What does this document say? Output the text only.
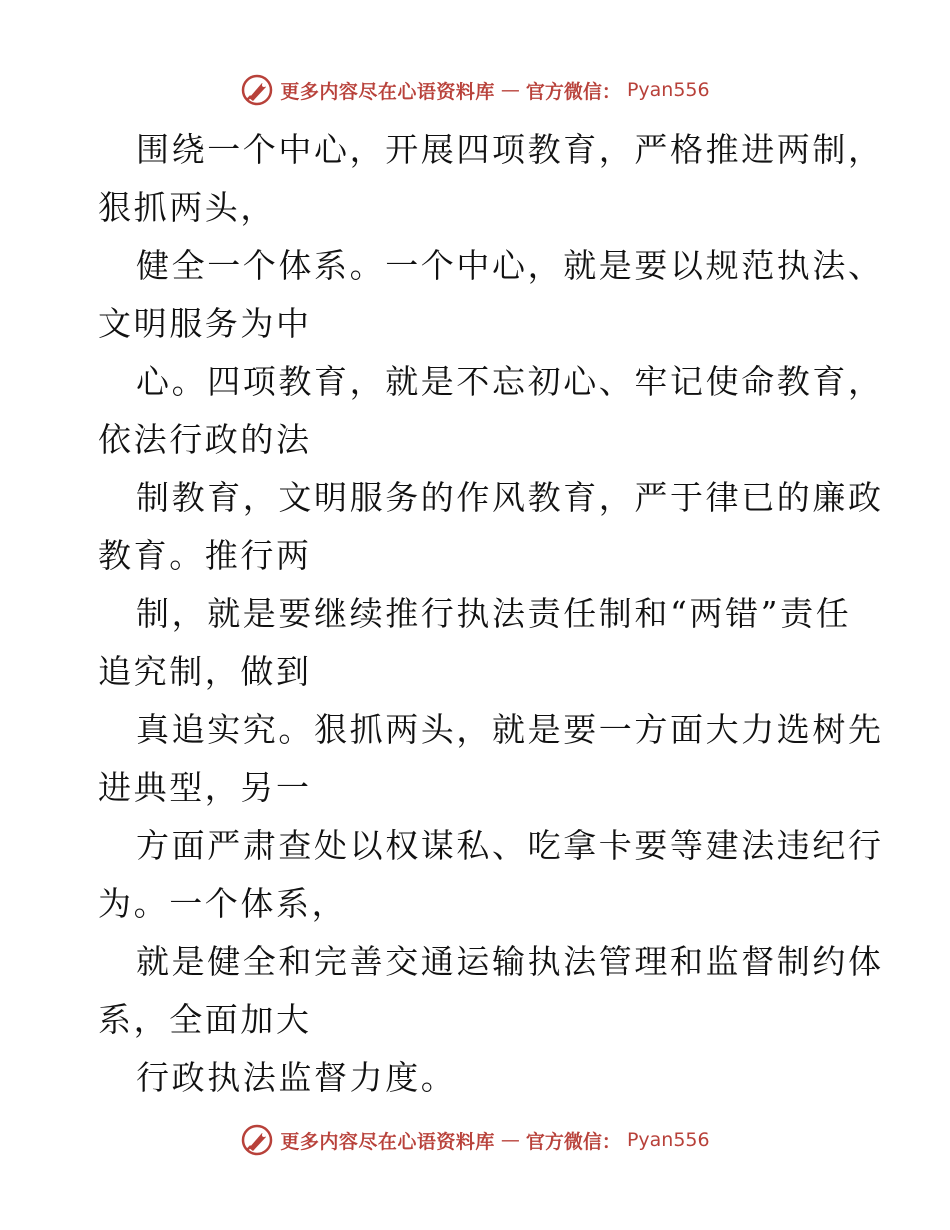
更多内容尽在心语资料库 — 官方微信： Pyan556
围绕一个中心，开展四项教育，严格推进两制，
狠抓两头，
健全一个体系。一个中心，就是要以规范执法、
文明服务为中
心。四项教育，就是不忘初心、牢记使命教育，
依法行政的法
制教育，文明服务的作风教育，严于律已的廉政
教育。推行两
制，就是要继续推行执法责任制和“两错”责任
追究制，做到
真追实究。狠抓两头，就是要一方面大力选树先
进典型，另一
方面严肃查处以权谋私、吃拿卡要等建法违纪行
为。一个体系，
就是健全和完善交通运输执法管理和监督制约体
系，全面加大
行政执法监督力度。
更多内容尽在心语资料库 — 官方微信： Pyan556
